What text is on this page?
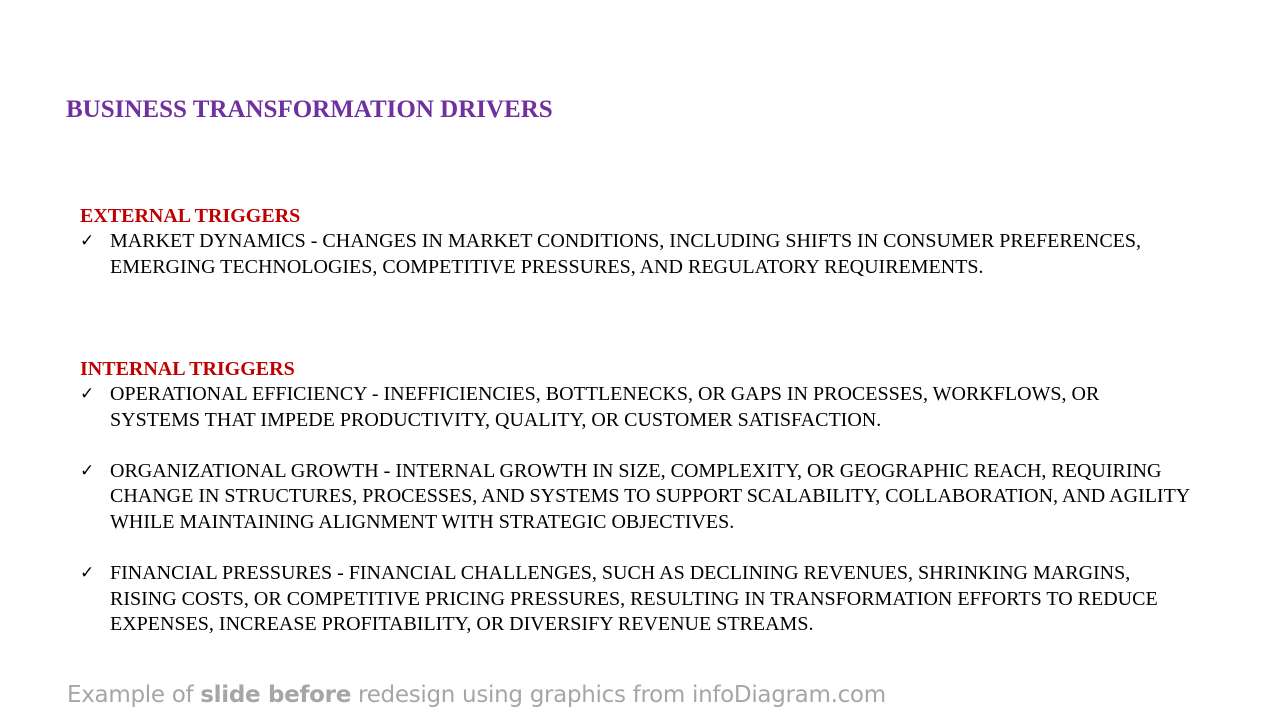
BUSINESS TRANSFORMATION DRIVERS
EXTERNAL TRIGGERS
✓ MARKET DYNAMICS - CHANGES IN MARKET CONDITIONS, INCLUDING SHIFTS IN CONSUMER PREFERENCES, EMERGING TECHNOLOGIES, COMPETITIVE PRESSURES, AND REGULATORY REQUIREMENTS.
INTERNAL TRIGGERS
✓ OPERATIONAL EFFICIENCY - INEFFICIENCIES, BOTTLENECKS, OR GAPS IN PROCESSES, WORKFLOWS, OR SYSTEMS THAT IMPEDE PRODUCTIVITY, QUALITY, OR CUSTOMER SATISFACTION.
✓ ORGANIZATIONAL GROWTH - INTERNAL GROWTH IN SIZE, COMPLEXITY, OR GEOGRAPHIC REACH, REQUIRING CHANGE IN STRUCTURES, PROCESSES, AND SYSTEMS TO SUPPORT SCALABILITY, COLLABORATION, AND AGILITY WHILE MAINTAINING ALIGNMENT WITH STRATEGIC OBJECTIVES.
✓ FINANCIAL PRESSURES - FINANCIAL CHALLENGES, SUCH AS DECLINING REVENUES, SHRINKING MARGINS, RISING COSTS, OR COMPETITIVE PRICING PRESSURES, RESULTING IN TRANSFORMATION EFFORTS TO REDUCE EXPENSES, INCREASE PROFITABILITY, OR DIVERSIFY REVENUE STREAMS.
Example of slide before redesign using graphics from infoDiagram.com
